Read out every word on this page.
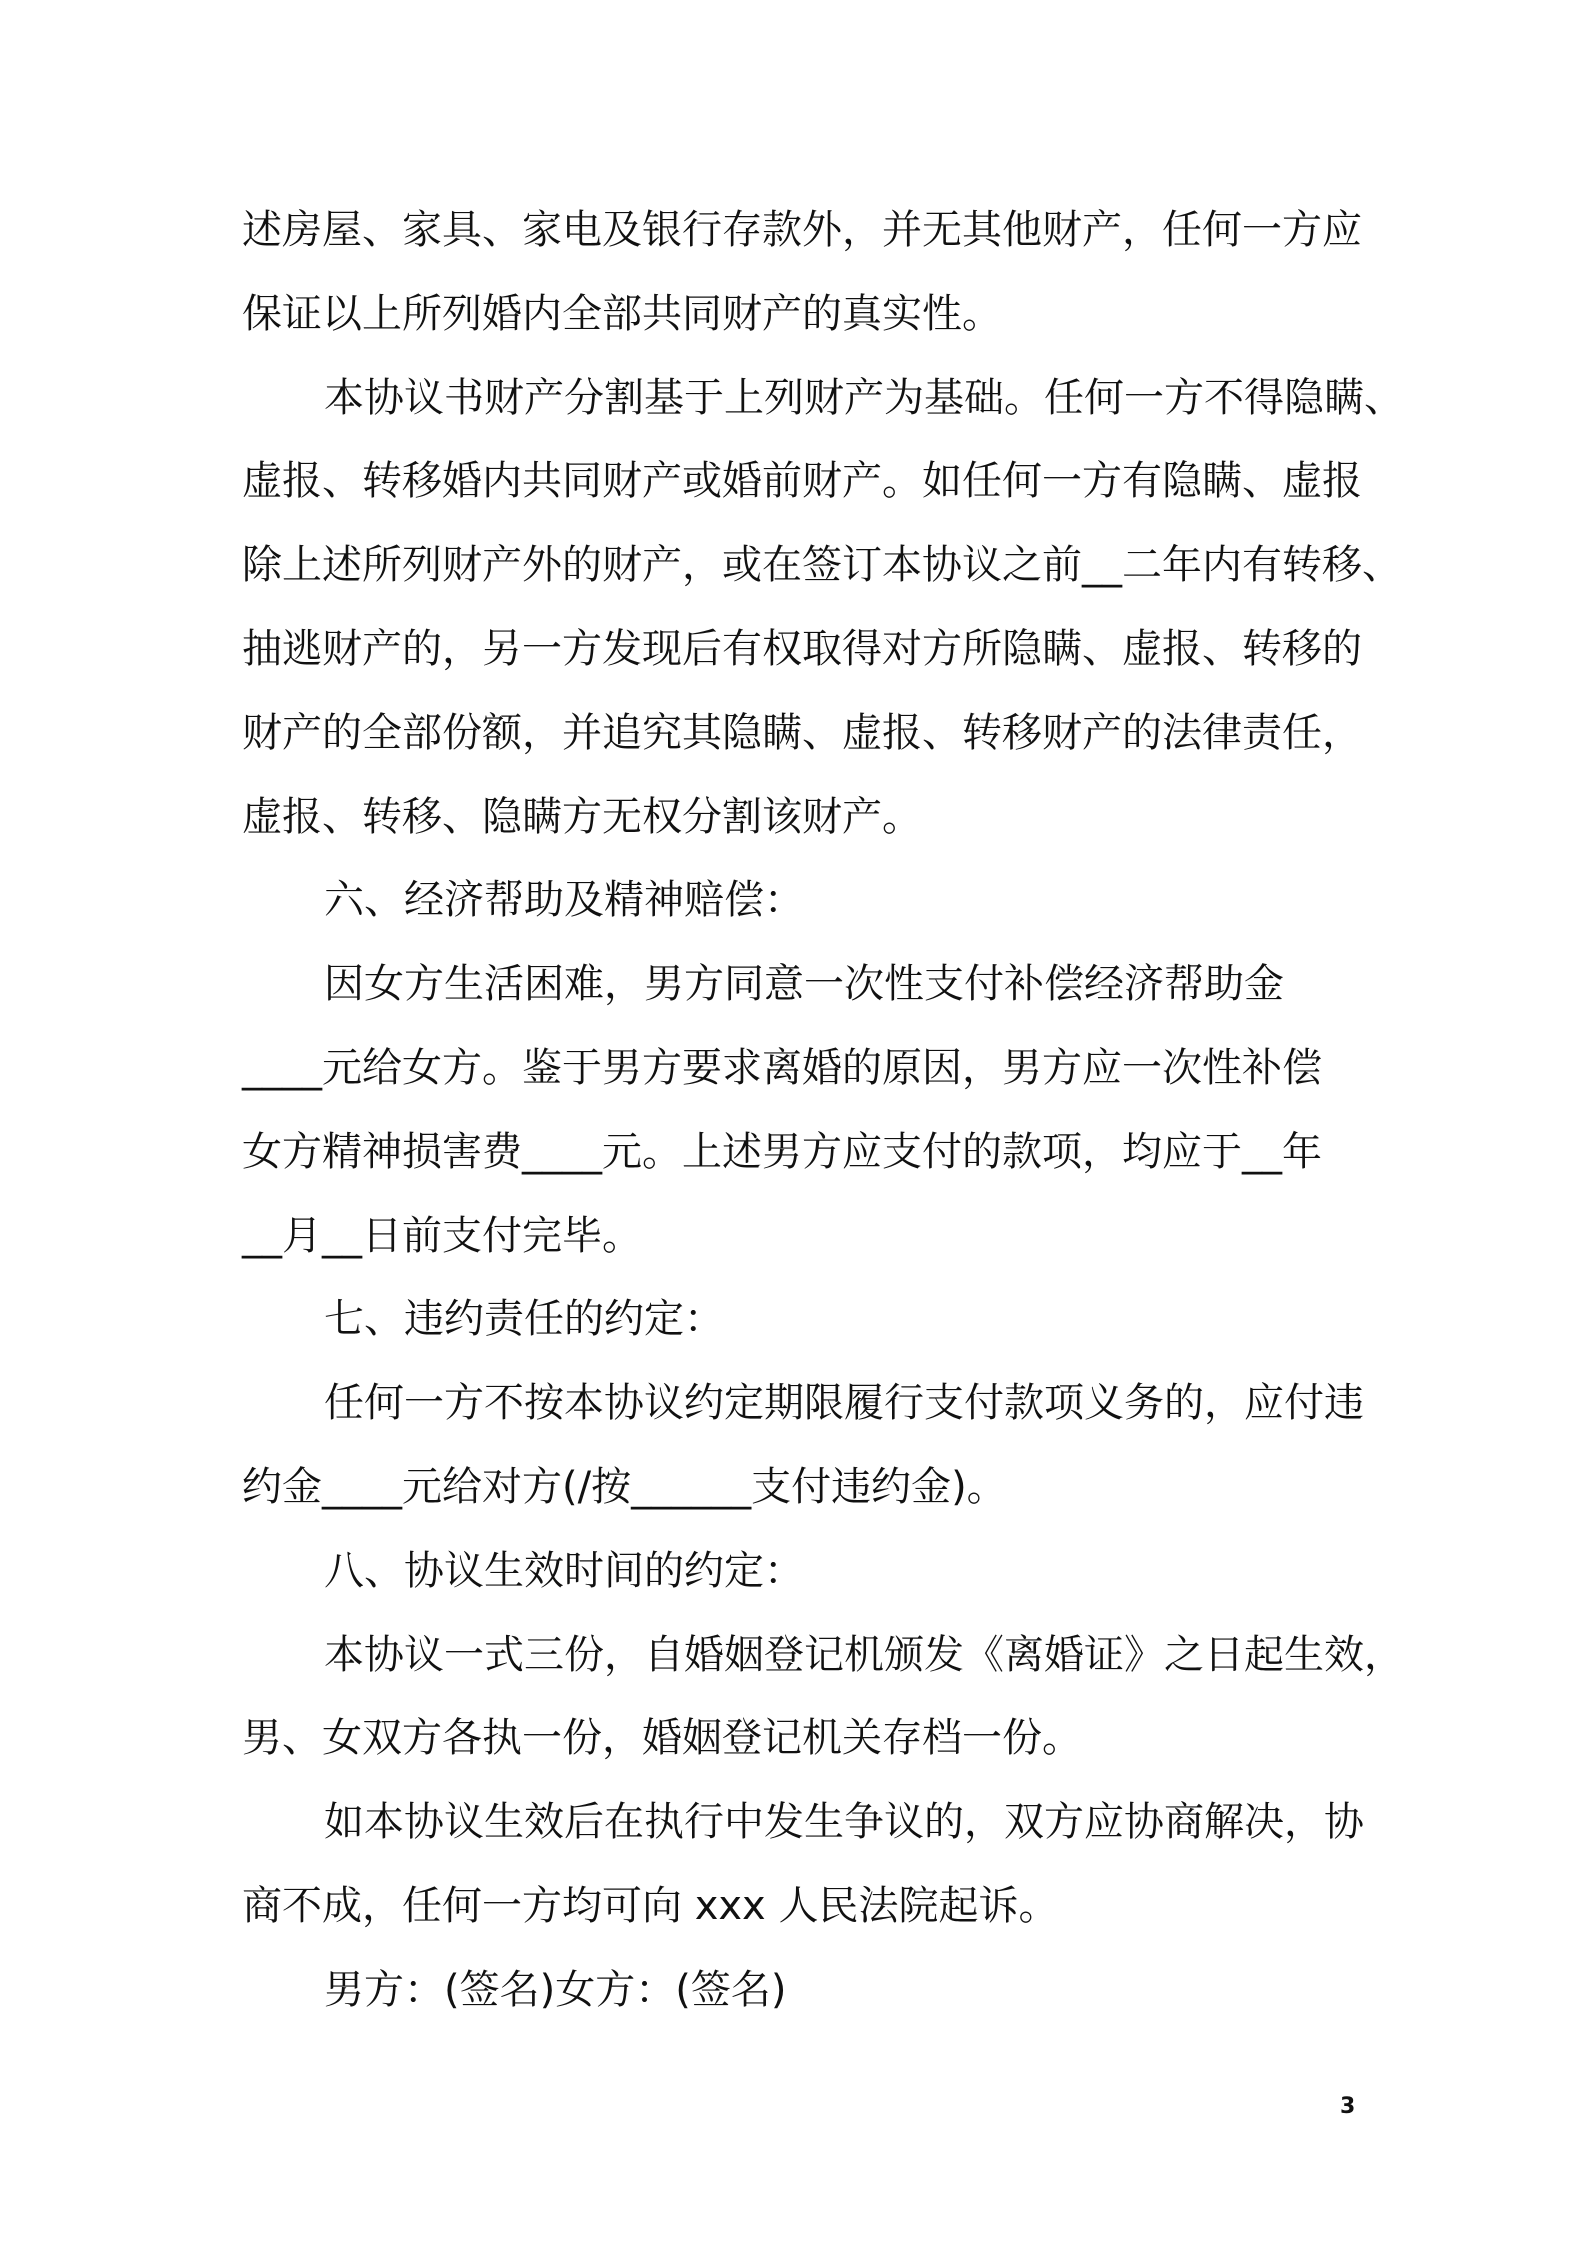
述房屋、家具、家电及银行存款外，并无其他财产，任何一方应
保证以上所列婚内全部共同财产的真实性。
本协议书财产分割基于上列财产为基础。任何一方不得隐瞒、
虚报、转移婚内共同财产或婚前财产。如任何一方有隐瞒、虚报
除上述所列财产外的财产，或在签订本协议之前__二年内有转移、
抽逃财产的，另一方发现后有权取得对方所隐瞒、虚报、转移的
财产的全部份额，并追究其隐瞒、虚报、转移财产的法律责任，
虚报、转移、隐瞒方无权分割该财产。
六、经济帮助及精神赔偿：
因女方生活困难，男方同意一次性支付补偿经济帮助金
____元给女方。鉴于男方要求离婚的原因，男方应一次性补偿
女方精神损害费____元。上述男方应支付的款项，均应于__年
__月__日前支付完毕。
七、违约责任的约定：
任何一方不按本协议约定期限履行支付款项义务的，应付违
约金____元给对方(/按______支付违约金)。
八、协议生效时间的约定：
本协议一式三份，自婚姻登记机颁发《离婚证》之日起生效，
男、女双方各执一份，婚姻登记机关存档一份。
如本协议生效后在执行中发生争议的，双方应协商解决，协
商不成，任何一方均可向 xxx 人民法院起诉。
男方：(签名)女方：(签名)
3
